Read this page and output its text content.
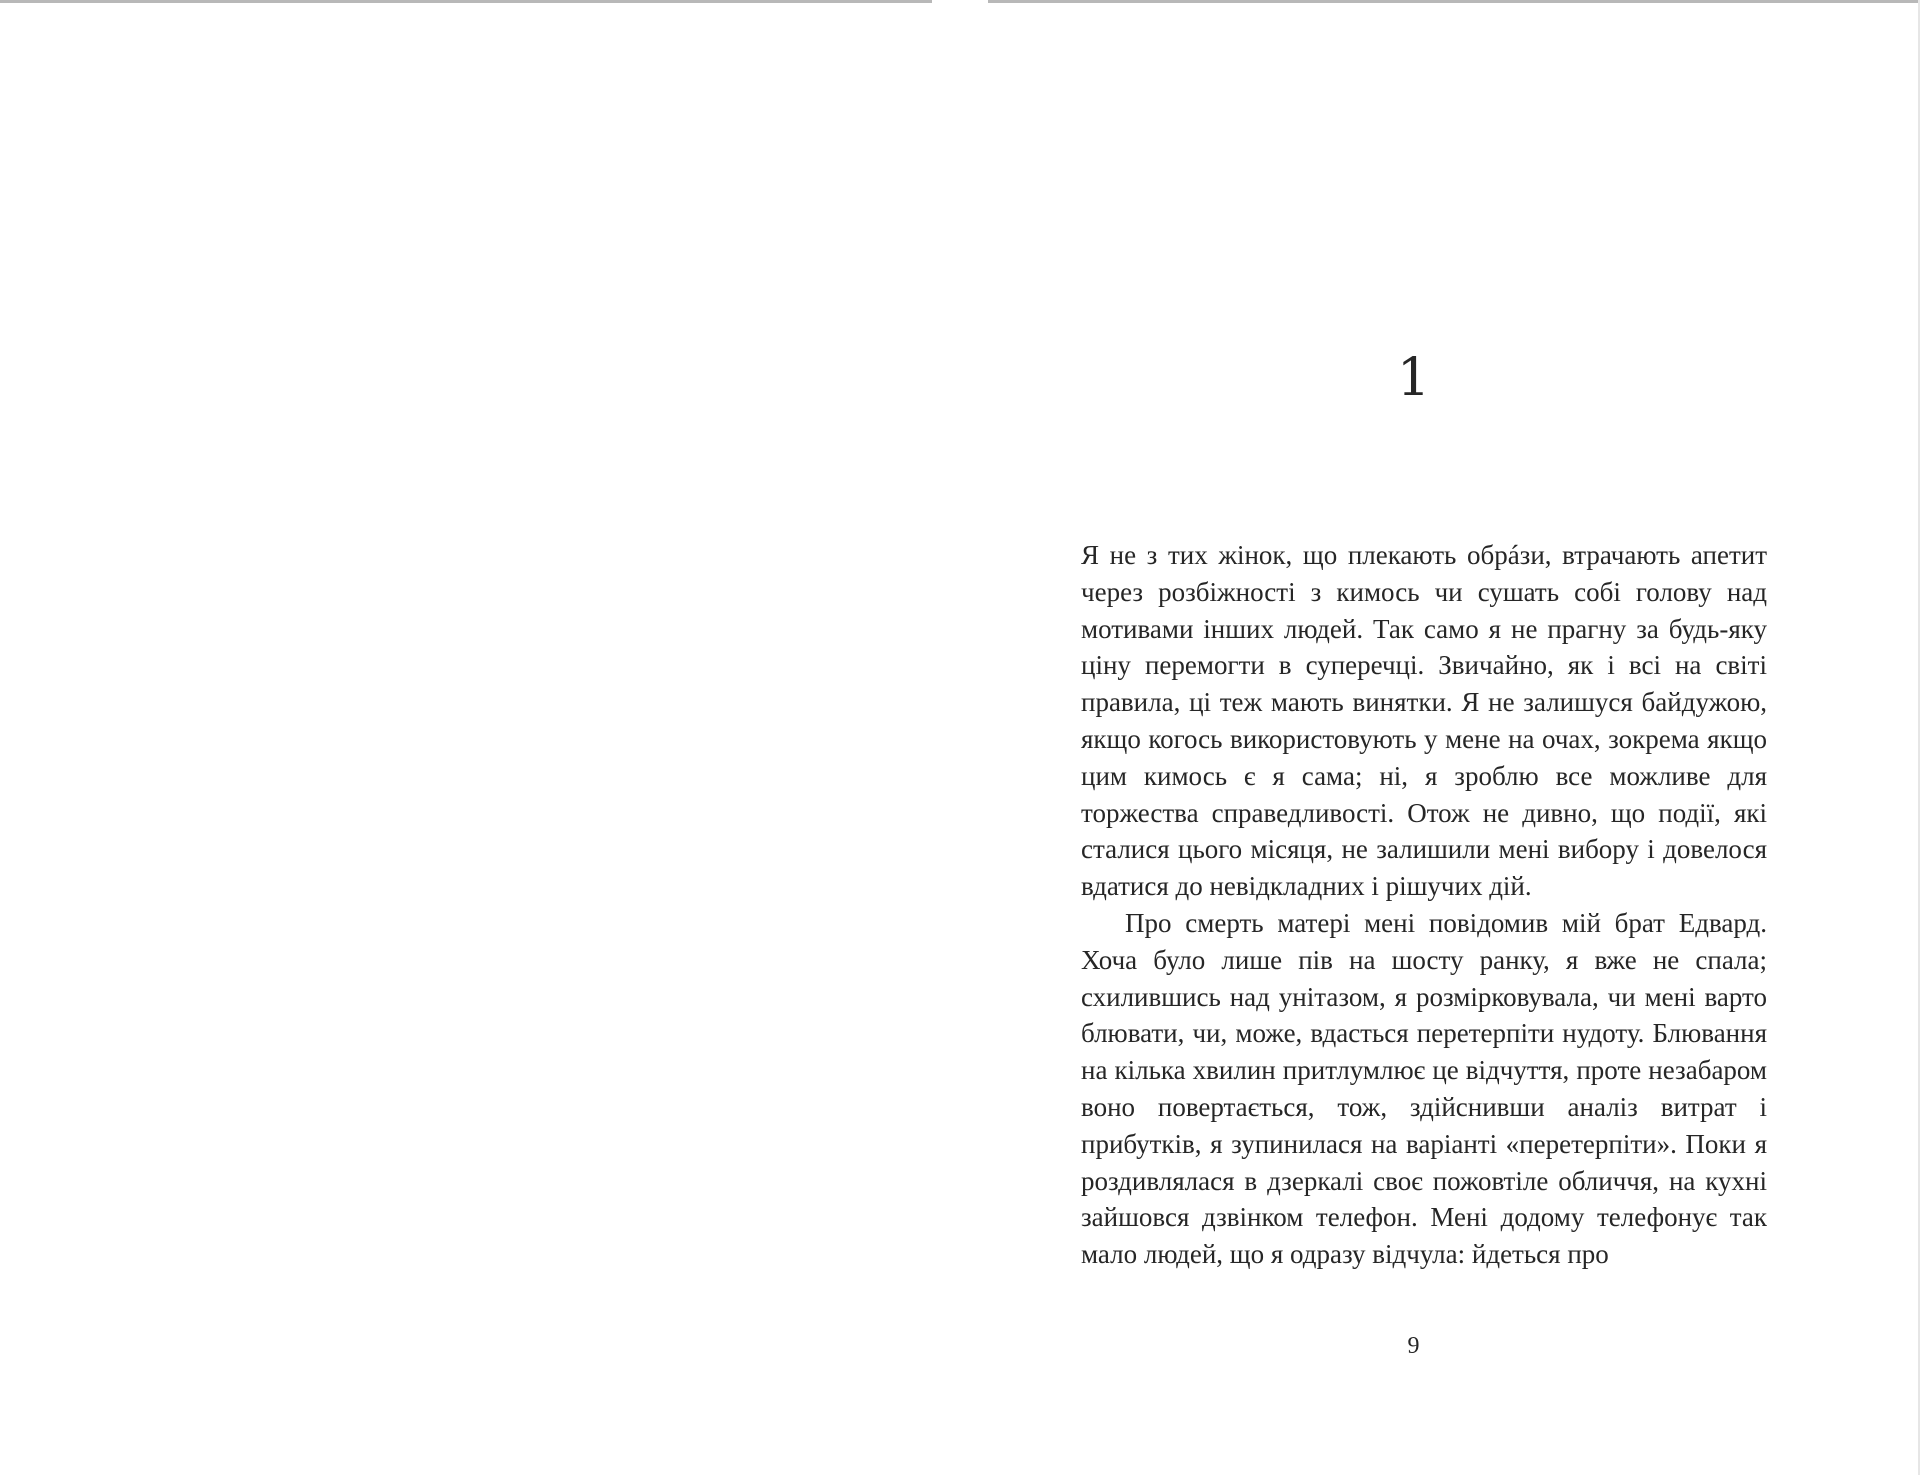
1

Я не з тих жінок, що плекають обрáзи, втрачають апетит через розбіжності з кимось чи сушать собі голову над мотивами інших людей. Так само я не прагну за будь-яку ціну перемогти в суперечці. Звичайно, як і всі на світі правила, ці теж мають винятки. Я не залишуся байдужою, якщо когось використовують у мене на очах, зокрема якщо цим кимось є я сама; ні, я зроблю все можливе для торжества справедливості. Отож не дивно, що події, які сталися цього місяця, не залишили мені вибору і довелося вдатися до невідкладних і рішучих дій.

Про смерть матері мені повідомив мій брат Едвард. Хоча було лише пів на шосту ранку, я вже не спала; схилившись над унітазом, я розмірковувала, чи мені варто блювати, чи, може, вдасться перетерпіти нудоту. Блювання на кілька хвилин притлумлює це відчуття, проте незабаром воно повертається, тож, здійснивши аналіз витрат і прибутків, я зупинилася на варіанті «перетерпіти». Поки я роздивлялася в дзеркалі своє пожовтіле обличчя, на кухні зайшовся дзвінком телефон. Мені додому телефонує так мало людей, що я одразу відчула: йдеться про

9
